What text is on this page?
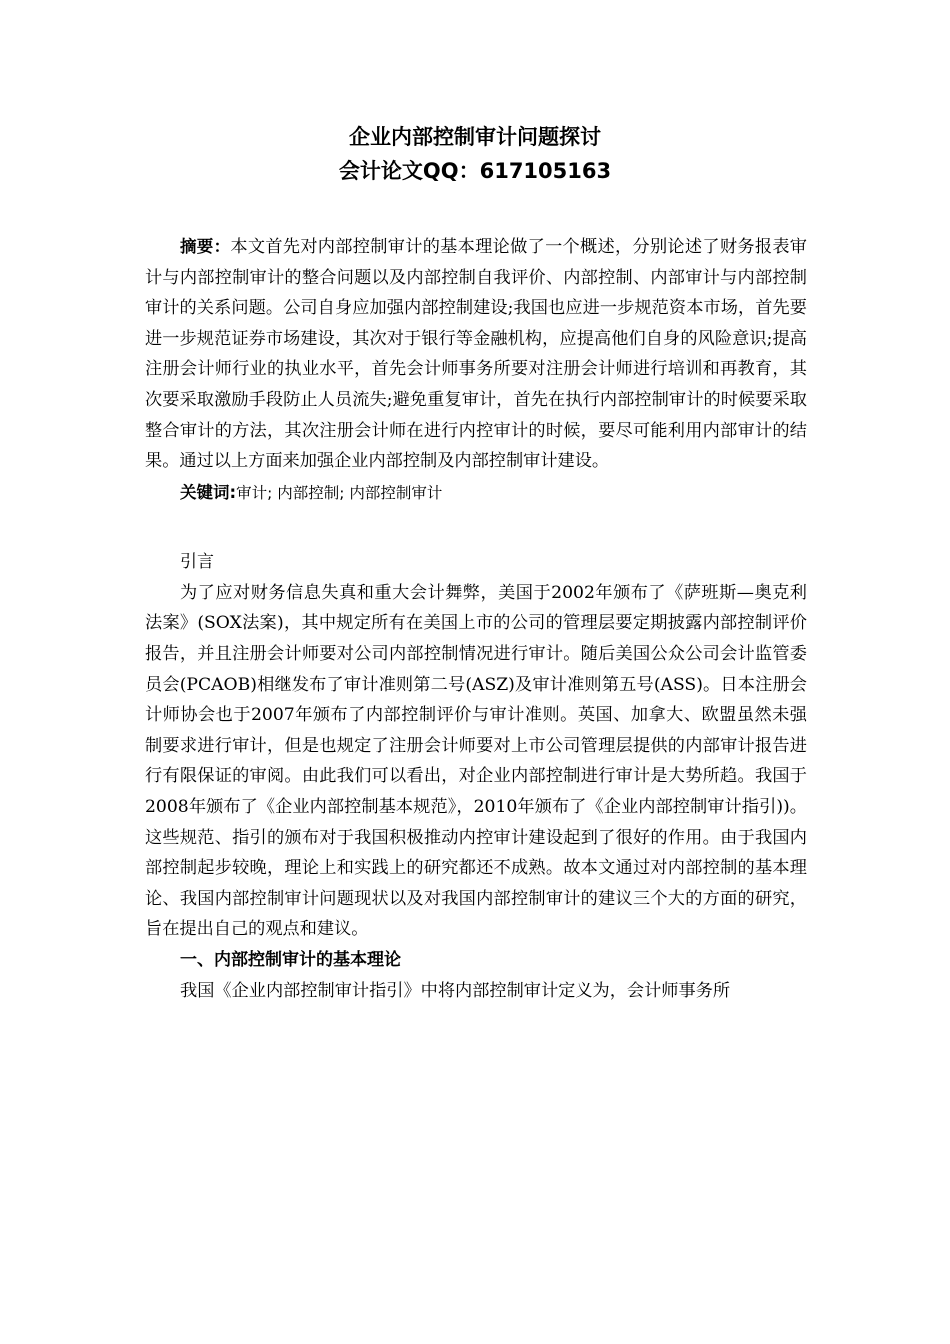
企业内部控制审计问题探讨
会计论文QQ：617105163

摘要：本文首先对内部控制审计的基本理论做了一个概述，分别论述了财务报表审计与内部控制审计的整合问题以及内部控制自我评价、内部控制、内部审计与内部控制审计的关系问题。公司自身应加强内部控制建设;我国也应进一步规范资本市场，首先要进一步规范证券市场建设，其次对于银行等金融机构，应提高他们自身的风险意识;提高注册会计师行业的执业水平，首先会计师事务所要对注册会计师进行培训和再教育，其次要采取激励手段防止人员流失;避免重复审计，首先在执行内部控制审计的时候要采取整合审计的方法，其次注册会计师在进行内控审计的时候，要尽可能利用内部审计的结果。通过以上方面来加强企业内部控制及内部控制审计建设。

关键词:审计; 内部控制; 内部控制审计

引言

为了应对财务信息失真和重大会计舞弊，美国于2002年颁布了《萨班斯—奥克利法案》(SOX法案)，其中规定所有在美国上市的公司的管理层要定期披露内部控制评价报告，并且注册会计师要对公司内部控制情况进行审计。随后美国公众公司会计监管委员会(PCAOB)相继发布了审计准则第二号(ASZ)及审计准则第五号(ASS)。日本注册会计师协会也于2007年颁布了内部控制评价与审计准则。英国、加拿大、欧盟虽然未强制要求进行审计，但是也规定了注册会计师要对上市公司管理层提供的内部审计报告进行有限保证的审阅。由此我们可以看出，对企业内部控制进行审计是大势所趋。我国于2008年颁布了《企业内部控制基本规范》，2010年颁布了《企业内部控制审计指引))。这些规范、指引的颁布对于我国积极推动内控审计建设起到了很好的作用。由于我国内部控制起步较晚，理论上和实践上的研究都还不成熟。故本文通过对内部控制的基本理论、我国内部控制审计问题现状以及对我国内部控制审计的建议三个大的方面的研究，旨在提出自己的观点和建议。

一、内部控制审计的基本理论

我国《企业内部控制审计指引》中将内部控制审计定义为，会计师事务所
